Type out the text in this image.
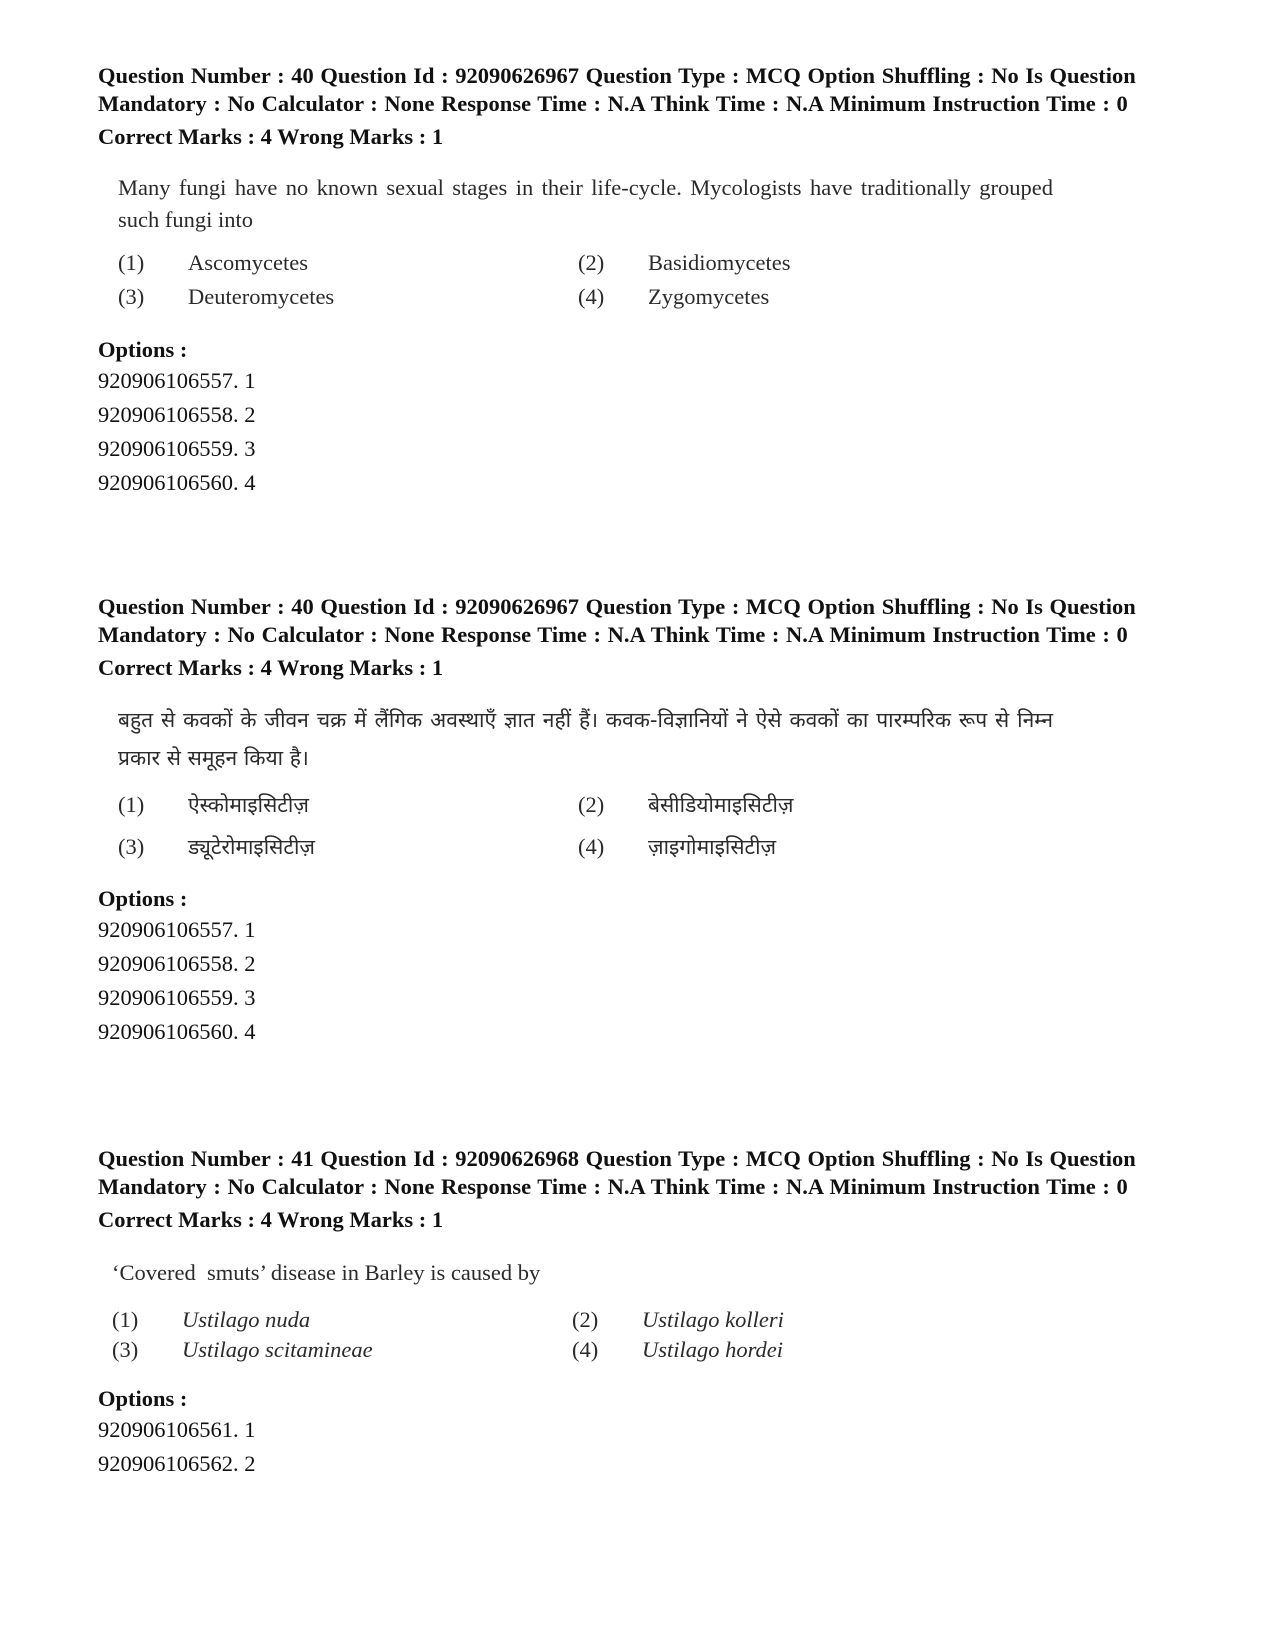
Question Number : 40 Question Id : 92090626967 Question Type : MCQ Option Shuffling : No Is Question Mandatory : No Calculator : None Response Time : N.A Think Time : N.A Minimum Instruction Time : 0
Correct Marks : 4 Wrong Marks : 1
Many fungi have no known sexual stages in their life-cycle. Mycologists have traditionally grouped such fungi into
(1)	Ascomycetes	(2)	Basidiomycetes
(3)	Deuteromycetes	(4)	Zygomycetes
Options :
920906106557. 1
920906106558. 2
920906106559. 3
920906106560. 4
Question Number : 40 Question Id : 92090626967 Question Type : MCQ Option Shuffling : No Is Question Mandatory : No Calculator : None Response Time : N.A Think Time : N.A Minimum Instruction Time : 0
Correct Marks : 4 Wrong Marks : 1
बहुत से कवकों के जीवन चक्र में लैंगिक अवस्थाएँ ज्ञात नहीं हैं। कवक-विज्ञानियों ने ऐसे कवकों का पारम्परिक रूप से निम्न प्रकार से समूहन किया है।
(1)	ऐस्कोमाइसिटीज़	(2)	बेसीडियोमाइसिटीज़
(3)	ड्यूटेरोमाइसिटीज़	(4)	ज़ाइगोमाइसिटीज़
Options :
920906106557. 1
920906106558. 2
920906106559. 3
920906106560. 4
Question Number : 41 Question Id : 92090626968 Question Type : MCQ Option Shuffling : No Is Question Mandatory : No Calculator : None Response Time : N.A Think Time : N.A Minimum Instruction Time : 0
Correct Marks : 4 Wrong Marks : 1
‘Covered  smuts’ disease in Barley is caused by
(1)	Ustilago nuda	(2)	Ustilago kolleri
(3)	Ustilago scitamineae	(4)	Ustilago hordei
Options :
920906106561. 1
920906106562. 2
